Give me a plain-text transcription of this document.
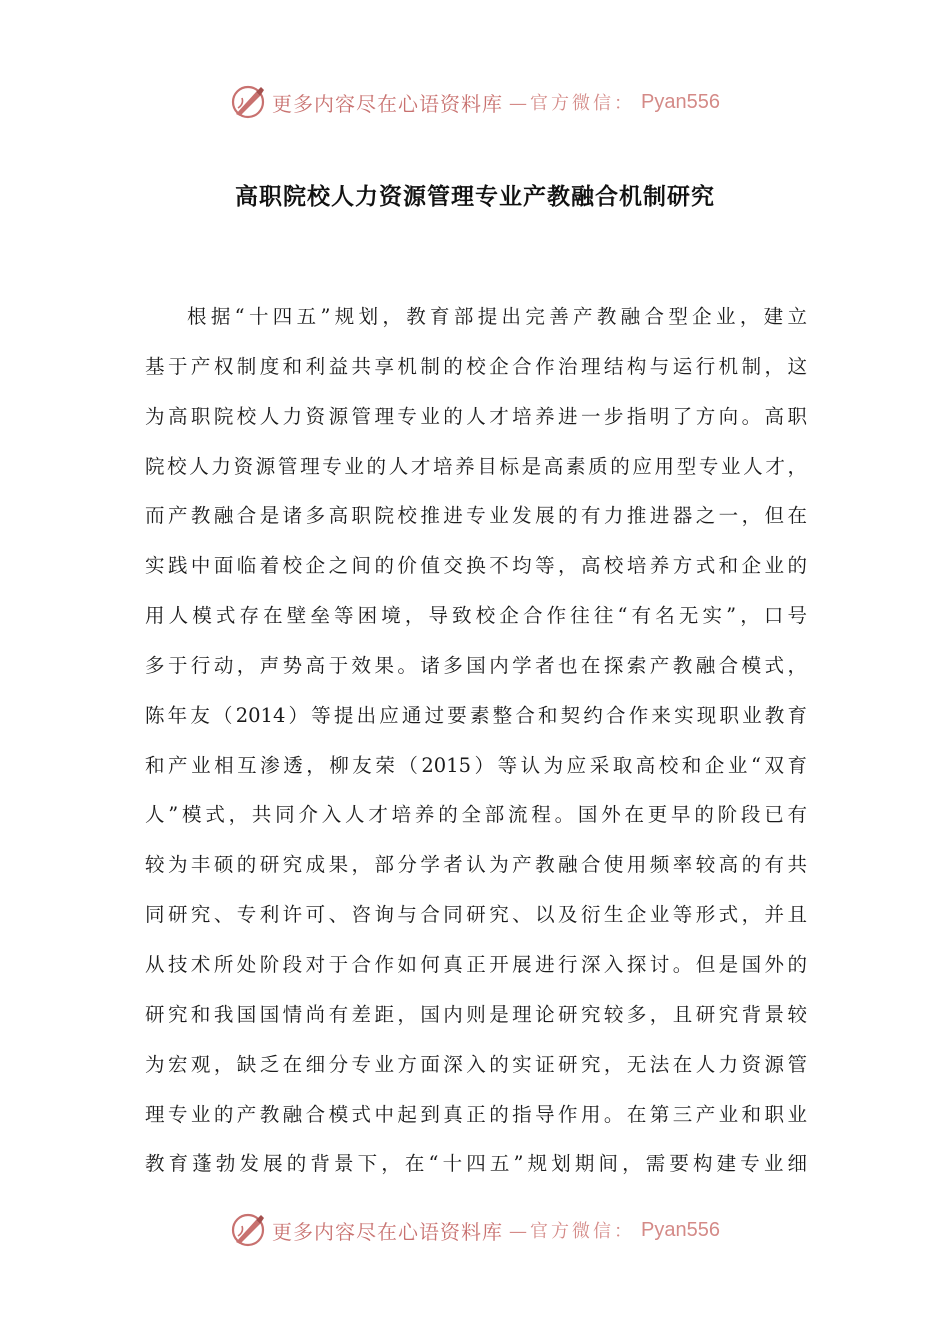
更多内容尽在心语资料库 —官方微信： Pyan556
高职院校人力资源管理专业产教融合机制研究
根据“十四五”规划，教育部提出完善产教融合型企业，建立
基于产权制度和利益共享机制的校企合作治理结构与运行机制，这
为高职院校人力资源管理专业的人才培养进一步指明了方向。高职
院校人力资源管理专业的人才培养目标是高素质的应用型专业人才，
而产教融合是诸多高职院校推进专业发展的有力推进器之一，但在
实践中面临着校企之间的价值交换不均等，高校培养方式和企业的
用人模式存在壁垒等困境，导致校企合作往往“有名无实”，口号
多于行动，声势高于效果。诸多国内学者也在探索产教融合模式，
陈年友（2014）等提出应通过要素整合和契约合作来实现职业教育
和产业相互渗透，柳友荣（2015）等认为应采取高校和企业“双育
人”模式，共同介入人才培养的全部流程。国外在更早的阶段已有
较为丰硕的研究成果，部分学者认为产教融合使用频率较高的有共
同研究、专利许可、咨询与合同研究、以及衍生企业等形式，并且
从技术所处阶段对于合作如何真正开展进行深入探讨。但是国外的
研究和我国国情尚有差距，国内则是理论研究较多，且研究背景较
为宏观，缺乏在细分专业方面深入的实证研究，无法在人力资源管
理专业的产教融合模式中起到真正的指导作用。在第三产业和职业
教育蓬勃发展的背景下，在“十四五”规划期间，需要构建专业细
更多内容尽在心语资料库 —官方微信： Pyan556
